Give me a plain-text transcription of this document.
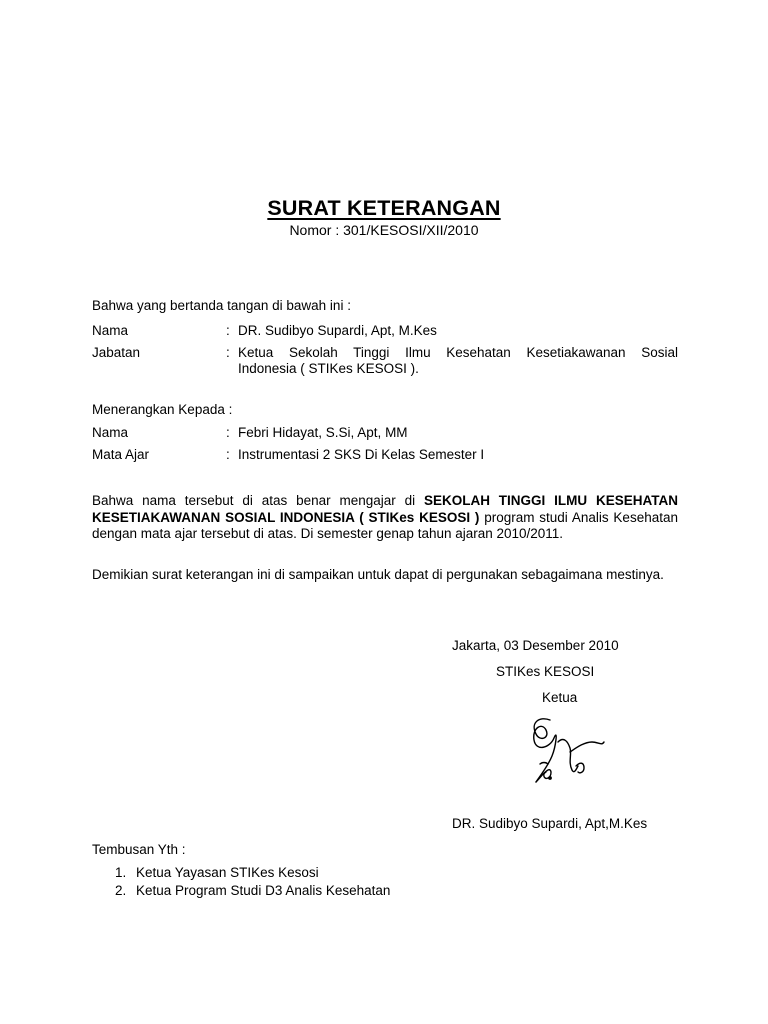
SURAT KETERANGAN
Nomor : 301/KESOSI/XII/2010
Bahwa yang bertanda tangan di bawah ini :
Nama	: DR. Sudibyo Supardi, Apt, M.Kes
Jabatan	: Ketua Sekolah Tinggi Ilmu Kesehatan Kesetiakawanan Sosial
Indonesia ( STIKes KESOSI ).
Menerangkan Kepada :
Nama	: Febri Hidayat, S.Si, Apt, MM
Mata Ajar	: Instrumentasi 2 SKS Di Kelas Semester I
Bahwa nama tersebut di atas benar mengajar di SEKOLAH TINGGI ILMU KESEHATAN KESETIAKAWANAN SOSIAL INDONESIA ( STIKes KESOSI ) program studi Analis Kesehatan dengan mata ajar tersebut di atas. Di semester genap tahun ajaran 2010/2011.
Demikian surat keterangan ini di sampaikan untuk dapat di pergunakan sebagaimana mestinya.
Jakarta, 03 Desember 2010
STIKes KESOSI
Ketua
DR. Sudibyo Supardi, Apt,M.Kes
Tembusan Yth :
1. Ketua Yayasan STIKes Kesosi
2. Ketua Program Studi D3 Analis Kesehatan
